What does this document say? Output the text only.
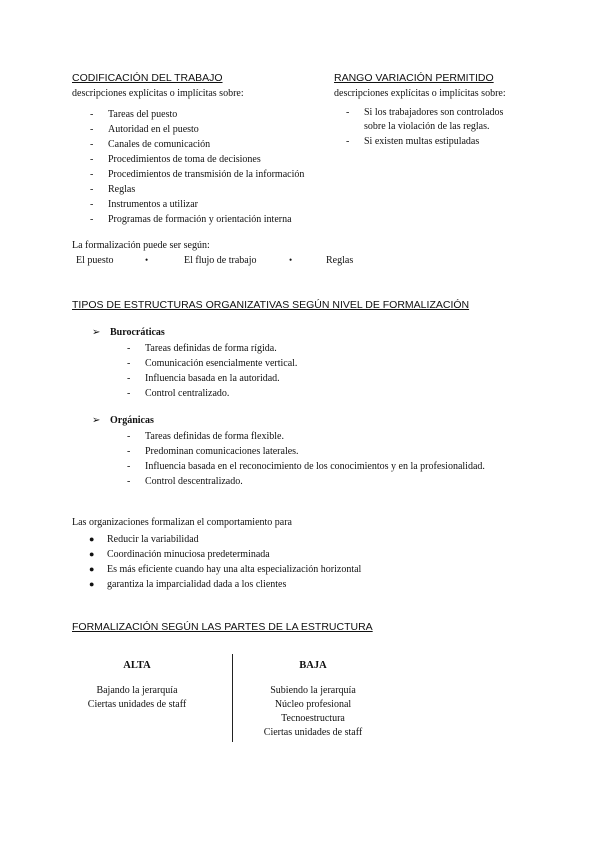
CODIFICACIÓN DEL TRABAJO
descripciones explícitas o implícitas sobre:
- Tareas del puesto
- Autoridad en el puesto
- Canales de comunicación
- Procedimientos de toma de decisiones
- Procedimientos de transmisión de la información
- Reglas
- Instrumentos a utilizar
- Programas de formación y orientación interna
RANGO VARIACIÓN PERMITIDO
descripciones explícitas o implícitas sobre:
- Si los trabajadores son controlados
sobre la violación de las reglas.
- Si existen multas estipuladas
La formalización puede ser según:
El puesto	•	El flujo de trabajo	•	Reglas
TIPOS DE ESTRUCTURAS ORGANIZATIVAS SEGÚN NIVEL DE FORMALIZACIÓN
➢ Burocráticas
- Tareas definidas de forma rígida.
- Comunicación esencialmente vertical.
- Influencia basada en la autoridad.
- Control centralizado.
➢ Orgánicas
- Tareas definidas de forma flexible.
- Predominan comunicaciones laterales.
- Influencia basada en el reconocimiento de los conocimientos y en la profesionalidad.
- Control descentralizado.
Las organizaciones formalizan el comportamiento para
● Reducir la variabilidad
● Coordinación minuciosa predeterminada
● Es más eficiente cuando hay una alta especialización horizontal
● garantiza la imparcialidad dada a los clientes
FORMALIZACIÓN SEGÚN LAS PARTES DE LA ESTRUCTURA
ALTA
Bajando la jerarquía
Ciertas unidades de staff
BAJA
Subiendo la jerarquía
Núcleo profesional
Tecnoestructura
Ciertas unidades de staff
